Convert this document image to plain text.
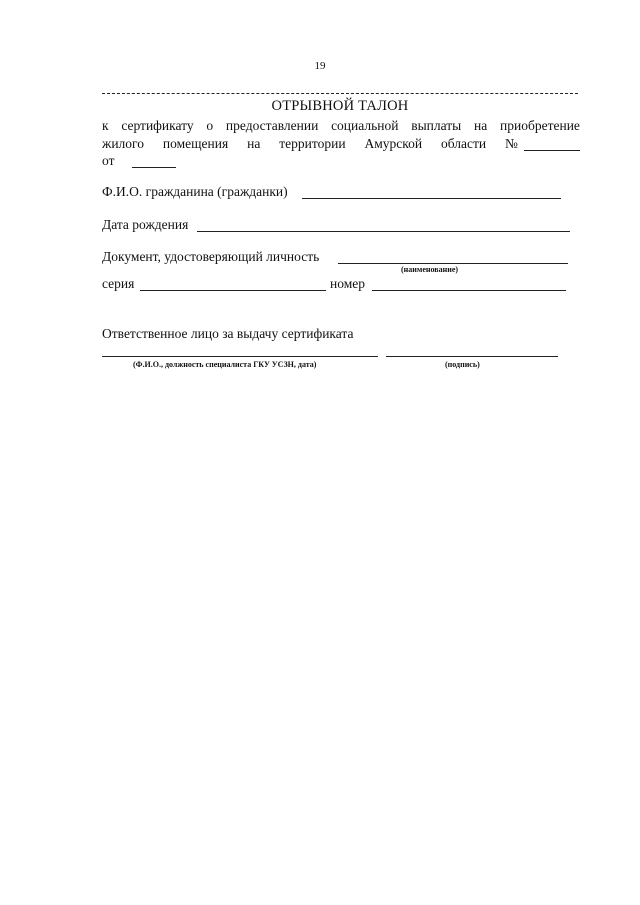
19
ОТРЫВНОЙ ТАЛОН
к сертификату о предоставлении социальной выплаты на приобретение
жилого помещения на территории Амурской области №
от
Ф.И.О. гражданина (гражданки)
Дата рождения
Документ, удостоверяющий личность
(наименование)
серия	номер
Ответственное лицо за выдачу сертификата
(Ф.И.О., должность специалиста ГКУ УСЗН, дата)	(подпись)
